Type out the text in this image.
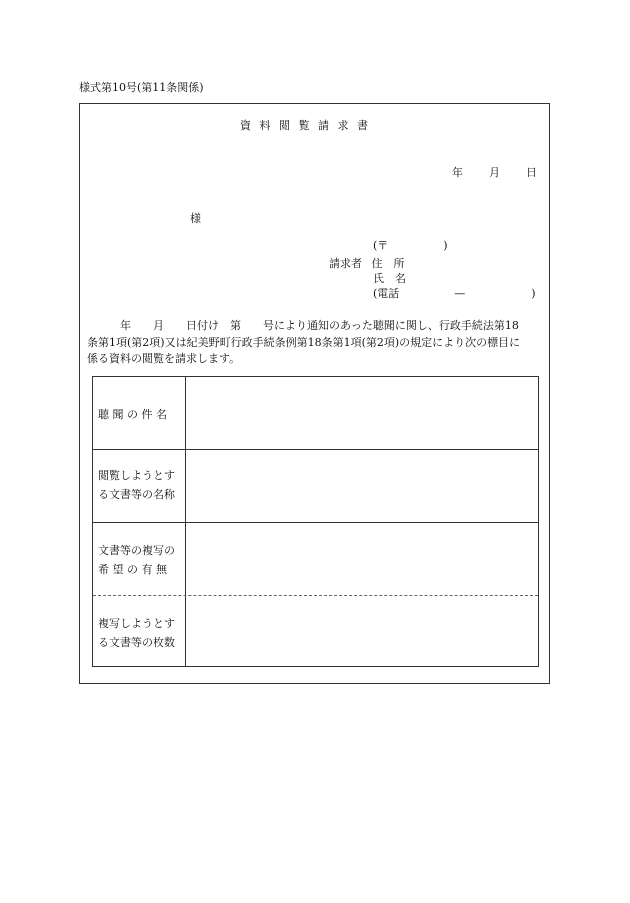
様式第10号(第11条関係)
資料閲覧請求書
年 月 日
様
(〒　　　　　)
請求者 住　所
氏　名
(電話　　　　　—　　　　　　)
　　　年　　月　　日付け　第　　号により通知のあった聴聞に関し、行政手続法第18
条第1項(第2項)又は紀美野町行政手続条例第18条第1項(第2項)の規定により次の標目に
係る資料の閲覧を請求します。
聴 聞 の 件 名
閲覧しようとす
る文書等の名称
文書等の複写の
希 望 の 有 無
複写しようとす
る文書等の枚数
